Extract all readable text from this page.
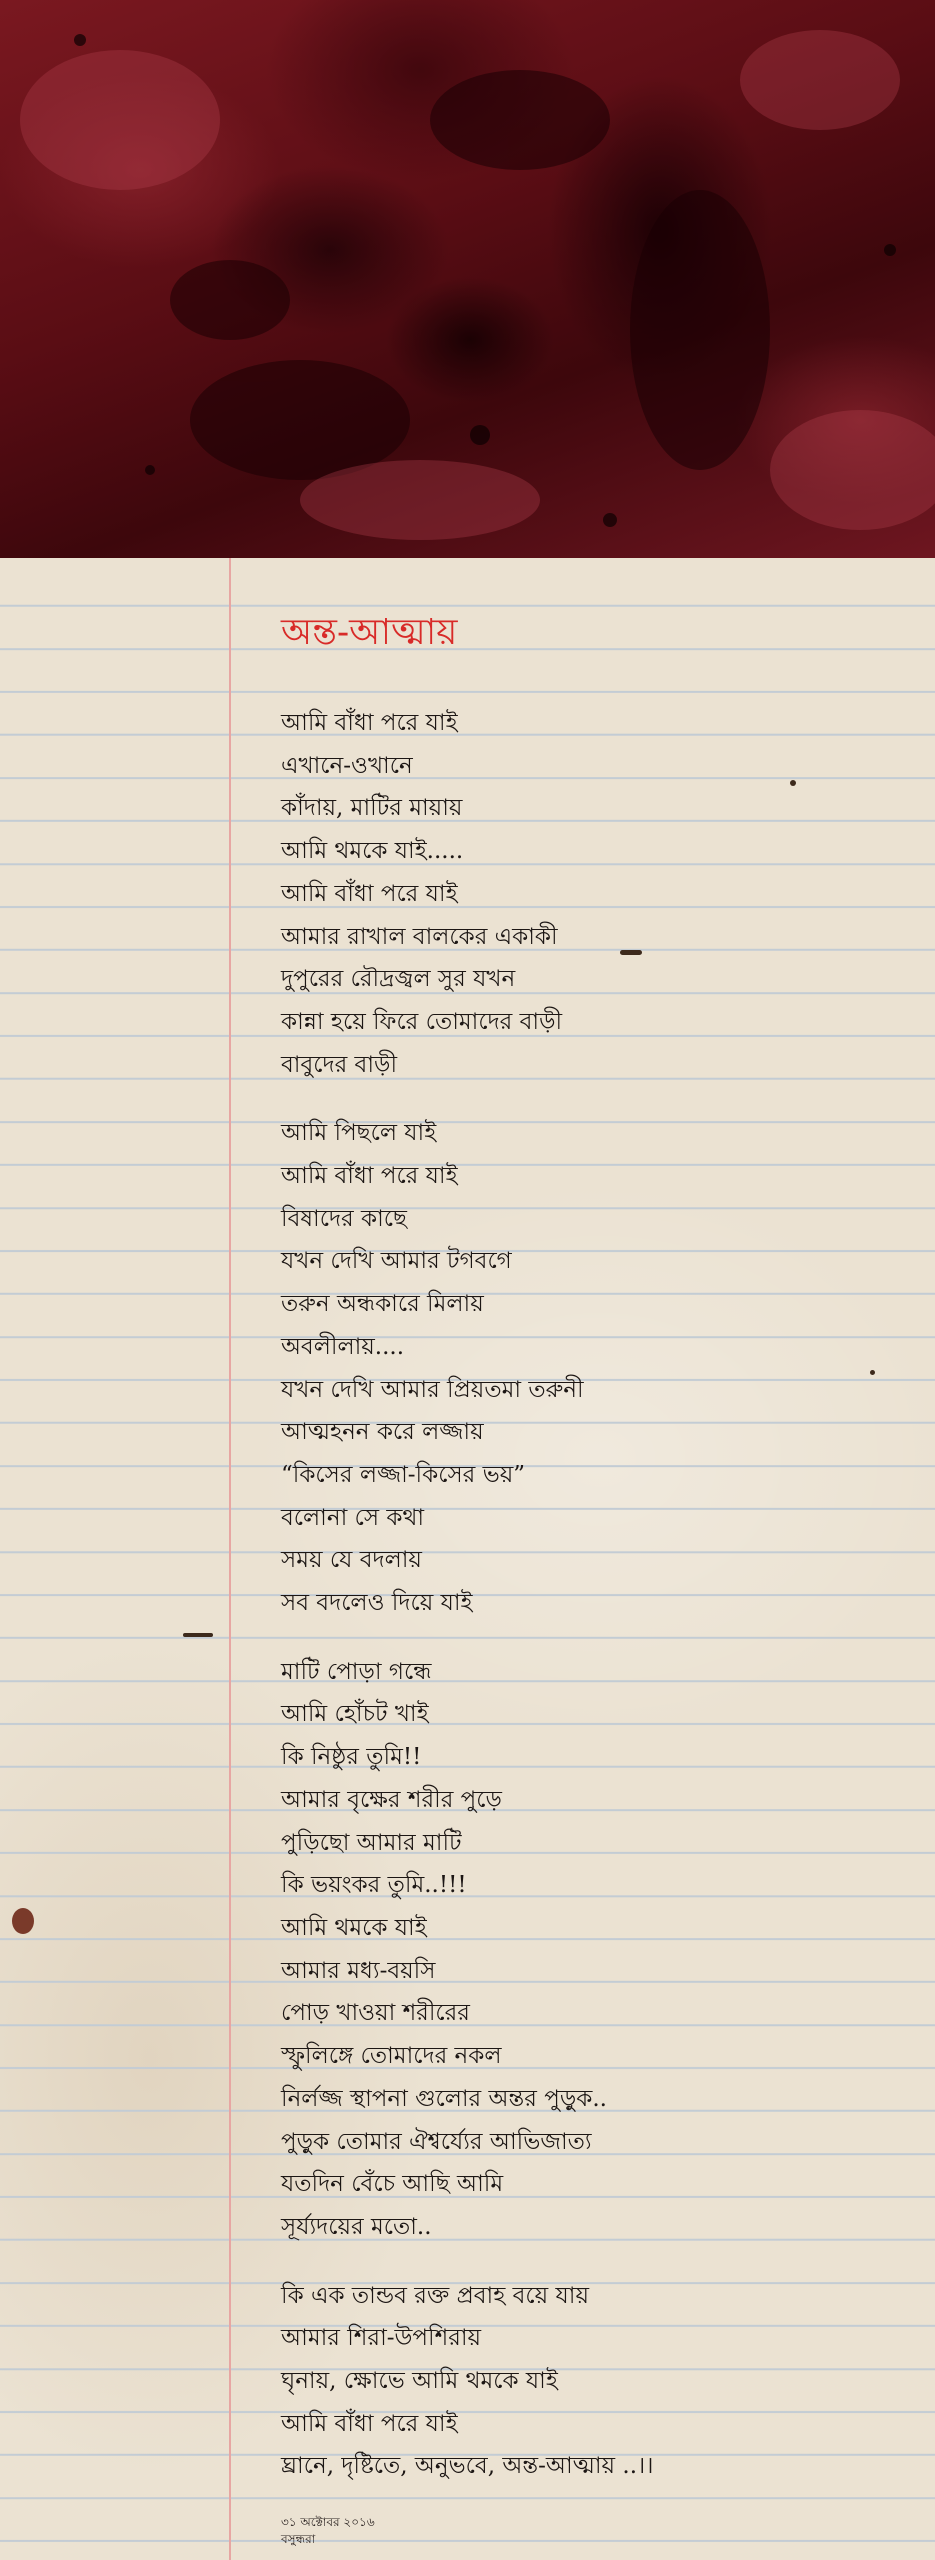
অন্ত-আত্মায়
আমি বাঁধা পরে যাই
এখানে-ওখানে
কাঁদায়, মাটির মায়ায়
আমি থমকে যাই.....
আমি বাঁধা পরে যাই
আমার রাখাল বালকের একাকী
দুপুরের রৌদ্রজ্বল সুর যখন
কান্না হয়ে ফিরে তোমাদের বাড়ী
বাবুদের বাড়ী
আমি পিছলে যাই
আমি বাঁধা পরে যাই
বিষাদের কাছে
যখন দেখি আমার টগবগে
তরুন অন্ধকারে মিলায়
অবলীলায়....
যখন দেখি আমার প্রিয়তমা তরুনী
আত্মহনন করে লজ্জায়
“কিসের লজ্জা-কিসের ভয়”
বলোনা সে কথা
সময় যে বদলায়
সব বদলেও দিয়ে যাই
মাটি পোড়া গন্ধে
আমি হোঁচট খাই
কি নিষ্ঠুর তুমি!!
আমার বৃক্ষের শরীর পুড়ে
পুড়িছো আমার মাটি
কি ভয়ংকর তুমি..!!!
আমি থমকে যাই
আমার মধ্য-বয়সি
পোড় খাওয়া শরীরের
স্ফুলিঙ্গে তোমাদের নকল
নির্লজ্জ স্থাপনা গুলোর অন্তর পুড়ুক..
পুড়ুক তোমার ঐশ্বর্য্যের আভিজাত্য
যতদিন বেঁচে আছি আমি
সূর্য্যদয়ের মতো..
কি এক তান্ডব রক্ত প্রবাহ বয়ে যায়
আমার শিরা-উপশিরায়
ঘৃনায়, ক্ষোভে আমি থমকে যাই
আমি বাঁধা পরে যাই
ঘ্রানে, দৃষ্টিতে, অনুভবে, অন্ত-আত্মায় ..।।
৩১ অক্টোবর ২০১৬
বসুন্ধরা
